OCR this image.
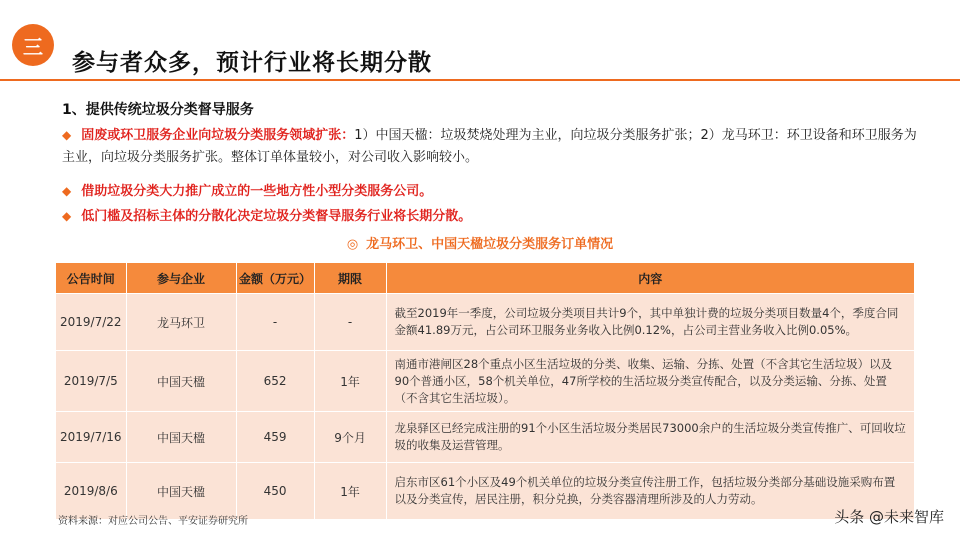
三
参与者众多，预计行业将长期分散
1、提供传统垃圾分类督导服务
◆ 固废或环卫服务企业向垃圾分类服务领域扩张：1）中国天楹：垃圾焚烧处理为主业，向垃圾分类服务扩张；2）龙马环卫：环卫设备和环卫服务为主业，向垃圾分类服务扩张。整体订单体量较小，对公司收入影响较小。
◆ 借助垃圾分类大力推广成立的一些地方性小型分类服务公司。
◆ 低门槛及招标主体的分散化决定垃圾分类督导服务行业将长期分散。
◎ 龙马环卫、中国天楹垃圾分类服务订单情况
公告时间	参与企业	金额（万元）	期限	内容
2019/7/22	龙马环卫	-	-	截至2019年一季度，公司垃圾分类项目共计9个，其中单独计费的垃圾分类项目数量4个，季度合同金额41.89万元，占公司环卫服务业务收入比例0.12%，占公司主营业务收入比例0.05%。
2019/7/5	中国天楹	652	1年	南通市港闸区28个重点小区生活垃圾的分类、收集、运输、分拣、处置（不含其它生活垃圾）以及90个普通小区，58个机关单位，47所学校的生活垃圾分类宣传配合，以及分类运输、分拣、处置（不含其它生活垃圾）。
2019/7/16	中国天楹	459	9个月	龙泉驿区已经完成注册的91个小区生活垃圾分类居民73000余户的生活垃圾分类宣传推广、可回收垃圾的收集及运营管理。
2019/8/6	中国天楹	450	1年	启东市区61个小区及49个机关单位的垃圾分类宣传注册工作，包括垃圾分类部分基础设施采购布置以及分类宣传，居民注册，积分兑换，分类容器清理所涉及的人力劳动。
资料来源：对应公司公告、平安证券研究所	头条 @未来智库
